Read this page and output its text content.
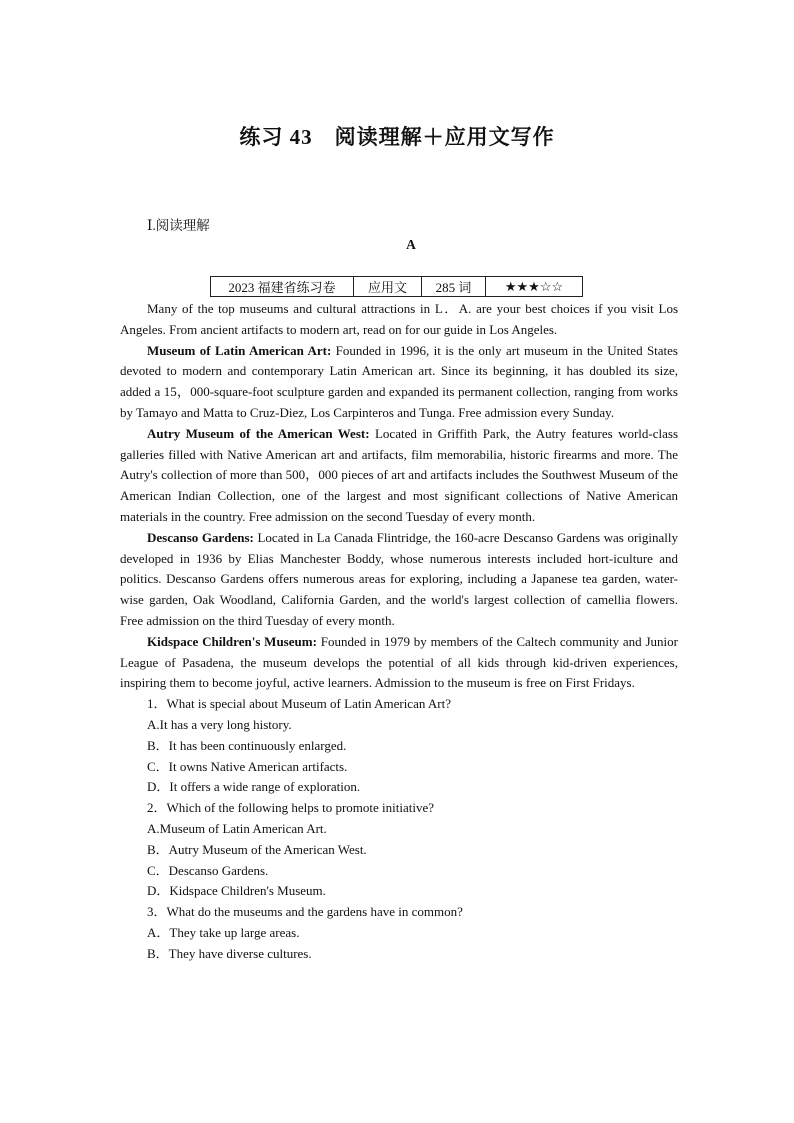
练习 43　阅读理解＋应用文写作
Ⅰ.阅读理解
A
2023 福建省练习卷	应用文	285 词	★★★☆☆

Many of the top museums and cultural attractions in L．A. are your best choices if you visit Los Angeles. From ancient artifacts to modern art, read on for our guide in Los Angeles.

Museum of Latin American Art: Founded in 1996, it is the only art museum in the United States devoted to modern and contemporary Latin American art. Since its beginning, it has doubled its size, added a 15，000-square-foot sculpture garden and expanded its permanent collection, ranging from works by Tamayo and Matta to Cruz-Diez, Los Carpinteros and Tunga. Free admission every Sunday.

Autry Museum of the American West: Located in Griffith Park, the Autry features world-class galleries filled with Native American art and artifacts, film memorabilia, historic firearms and more. The Autry's collection of more than 500，000 pieces of art and artifacts includes the Southwest Museum of the American Indian Collection, one of the largest and most significant collections of Native American materials in the country. Free admission on the second Tuesday of every month.

Descanso Gardens: Located in La Canada Flintridge, the 160-acre Descanso Gardens was originally developed in 1936 by Elias Manchester Boddy, whose numerous interests included hort-iculture and politics. Descanso Gardens offers numerous areas for exploring, including a Japanese tea garden, water-wise garden, Oak Woodland, California Garden, and the world's largest collection of camellia flowers. Free admission on the third Tuesday of every month.

Kidspace Children's Museum: Founded in 1979 by members of the Caltech community and Junior League of Pasadena, the museum develops the potential of all kids through kid-driven experiences, inspiring them to become joyful, active learners. Admission to the museum is free on First Fridays.

1．What is special about Museum of Latin American Art?

A.It has a very long history.

B．It has been continuously enlarged.

C．It owns Native American artifacts.

D．It offers a wide range of exploration.

2．Which of the following helps to promote initiative?

A.Museum of Latin American Art.

B．Autry Museum of the American West.

C．Descanso Gardens.

D．Kidspace Children's Museum.

3．What do the museums and the gardens have in common?

A．They take up large areas.

B．They have diverse cultures.
